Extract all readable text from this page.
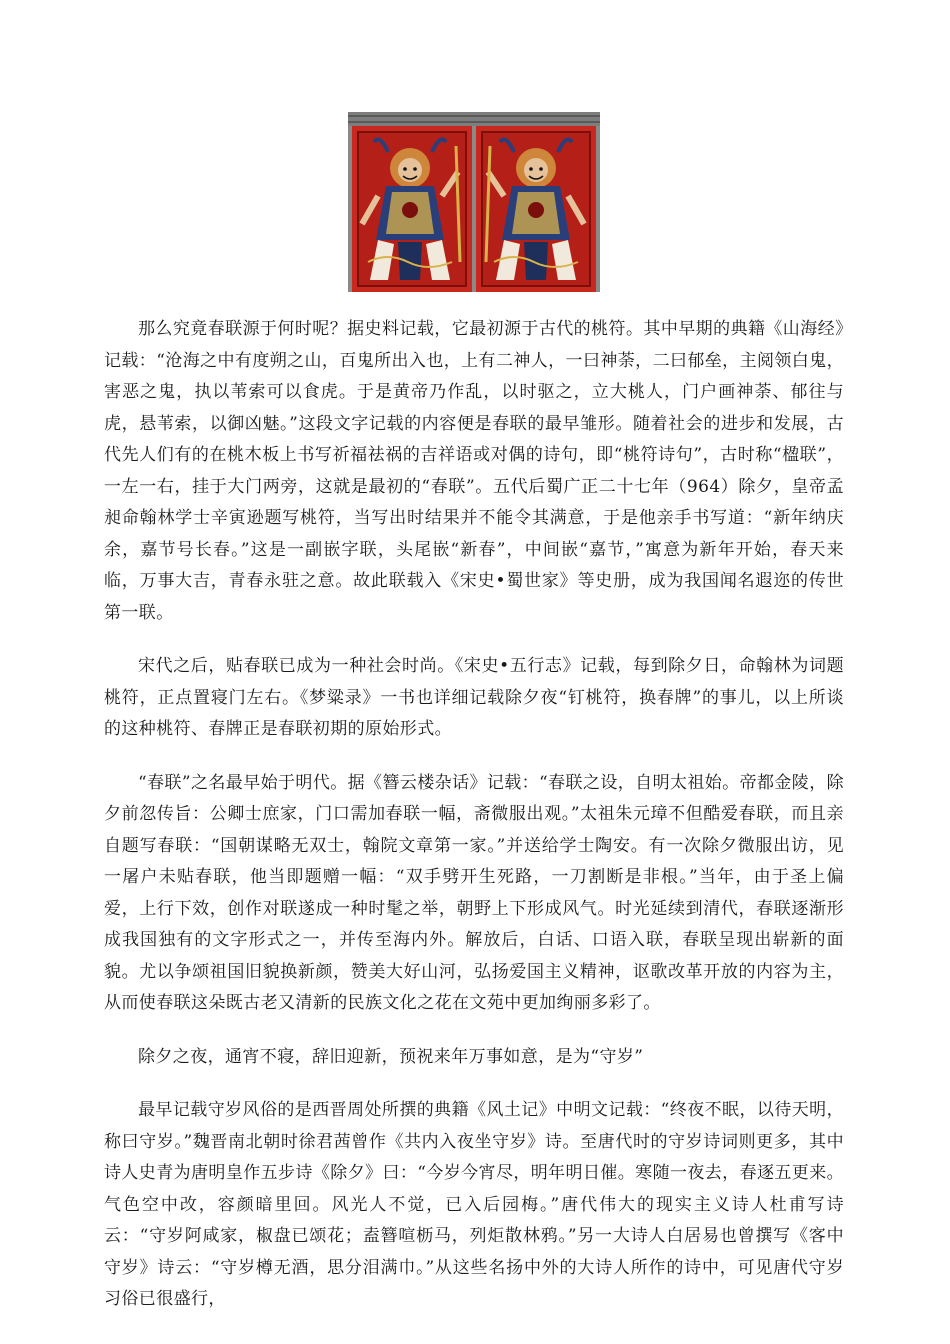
那么究竟春联源于何时呢？据史料记载，它最初源于古代的桃符。其中早期的典籍《山海经》记载：“沧海之中有度朔之山，百鬼所出入也，上有二神人，一曰神荼，二曰郁垒，主阅领白鬼，害恶之鬼，执以苇索可以食虎。于是黄帝乃作乱，以时驱之，立大桃人，门户画神荼、郁往与虎，悬苇索，以御凶魅。”这段文字记载的内容便是春联的最早雏形。随着社会的进步和发展，古代先人们有的在桃木板上书写祈福祛祸的吉祥语或对偶的诗句，即“桃符诗句”，古时称“楹联”，一左一右，挂于大门两旁，这就是最初的“春联”。五代后蜀广正二十七年（964）除夕，皇帝孟昶命翰林学士辛寅逊题写桃符，当写出时结果并不能令其满意，于是他亲手书写道：“新年纳庆余，嘉节号长春。”这是一副嵌字联，头尾嵌“新春”，中间嵌“嘉节，”寓意为新年开始，春天来临，万事大吉，青春永驻之意。故此联载入《宋史•蜀世家》等史册，成为我国闻名遐迩的传世第一联。

宋代之后，贴春联已成为一种社会时尚。《宋史•五行志》记载，每到除夕日，命翰林为词题桃符，正点置寝门左右。《梦粱录》一书也详细记载除夕夜“钉桃符，换春牌”的事儿，以上所谈的这种桃符、春牌正是春联初期的原始形式。

“春联”之名最早始于明代。据《簪云楼杂话》记载：“春联之设，自明太祖始。帝都金陵，除夕前忽传旨：公卿士庶家，门口需加春联一幅，斋微服出观。”太祖朱元璋不但酷爱春联，而且亲自题写春联：“国朝谋略无双士，翰院文章第一家。”并送给学士陶安。有一次除夕微服出访，见一屠户未贴春联，他当即题赠一幅：“双手劈开生死路，一刀割断是非根。”当年，由于圣上偏爱，上行下效，创作对联遂成一种时髦之举，朝野上下形成风气。时光延续到清代，春联逐渐形成我国独有的文字形式之一，并传至海内外。解放后，白话、口语入联，春联呈现出崭新的面貌。尤以争颂祖国旧貌换新颜，赞美大好山河，弘扬爱国主义精神，讴歌改革开放的内容为主，从而使春联这朵既古老又清新的民族文化之花在文苑中更加绚丽多彩了。

除夕之夜，通宵不寝，辞旧迎新，预祝来年万事如意，是为“守岁”

最早记载守岁风俗的是西晋周处所撰的典籍《风土记》中明文记载：“终夜不眠，以待天明，称曰守岁。”魏晋南北朝时徐君茜曾作《共内入夜坐守岁》诗。至唐代时的守岁诗词则更多，其中诗人史青为唐明皇作五步诗《除夕》曰：“今岁今宵尽，明年明日催。寒随一夜去，春逐五更来。气色空中改，容颜暗里回。风光人不觉，已入后园梅。”唐代伟大的现实主义诗人杜甫写诗云：“守岁阿咸家，椒盘已颂花；盍簪喧枥马，列炬散林鸦。”另一大诗人白居易也曾撰写《客中守岁》诗云：“守岁樽无酒，思分泪满巾。”从这些名扬中外的大诗人所作的诗中，可见唐代守岁习俗已很盛行，
